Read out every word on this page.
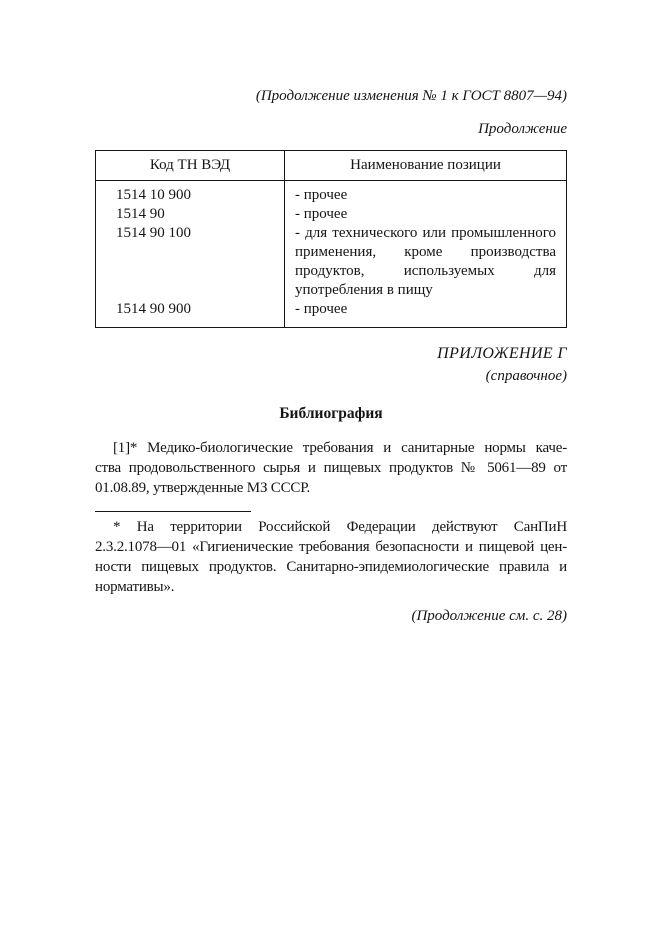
(Продолжение изменения № 1 к ГОСТ 8807—94)
Продолжение
Код ТН ВЭД	Наименование позиции
1514 10 900	- прочее
1514 90	- прочее
1514 90 100	- для технического или промышленного применения, кроме производства продуктов, используемых для употребления в пищу
1514 90 900	- прочее
ПРИЛОЖЕНИЕ Г
(справочное)
Библиография
[1]* Медико-биологические требования и санитарные нормы каче-
ства продовольственного сырья и пищевых продуктов № 5061—89 от
01.08.89, утвержденные МЗ СССР.
* На территории Российской Федерации действуют СанПиН
2.3.2.1078—01 «Гигиенические требования безопасности и пищевой цен-
ности пищевых продуктов. Санитарно-эпидемиологические правила и
нормативы».
(Продолжение см. с. 28)
